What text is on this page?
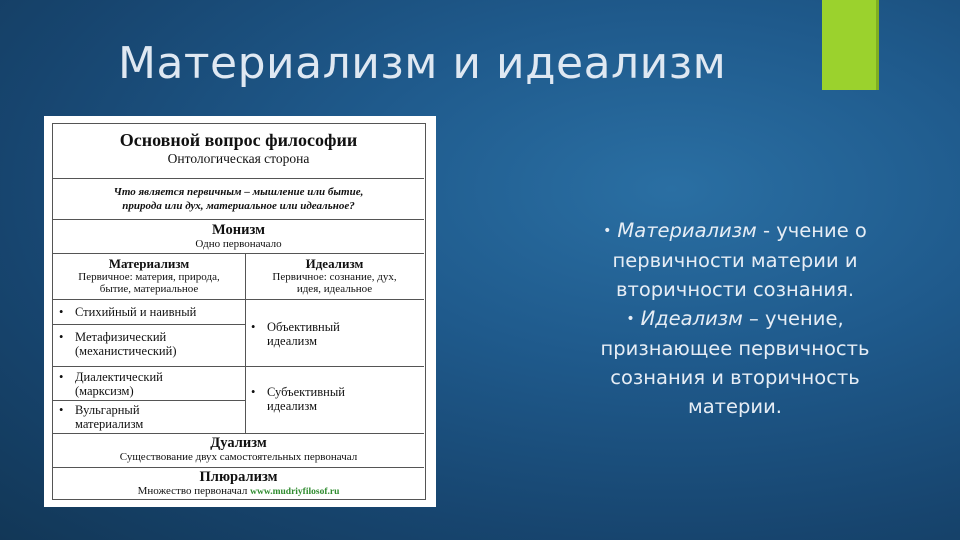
Материализм и идеализм
Основной вопрос философии
Онтологическая сторона
Что является первичным – мышление или бытие,
природа или дух, материальное или идеальное?
Монизм
Одно первоначало
Материализм
Первичное: материя, природа,
бытие, материальное
Идеализм
Первичное: сознание, дух,
идея, идеальное
• Стихийный и наивный
• Метафизический
(механистический)
• Диалектический
(марксизм)
• Вульгарный
материализм
• Объективный
идеализм
• Субъективный
идеализм
Дуализм
Существование двух самостоятельных первоначал
Плюрализм
Множество первоначал www.mudriyfilosof.ru
• Материализм - учение о
первичности материи и
вторичности сознания.
• Идеализм – учение,
признающее первичность
сознания и вторичность
материи.
